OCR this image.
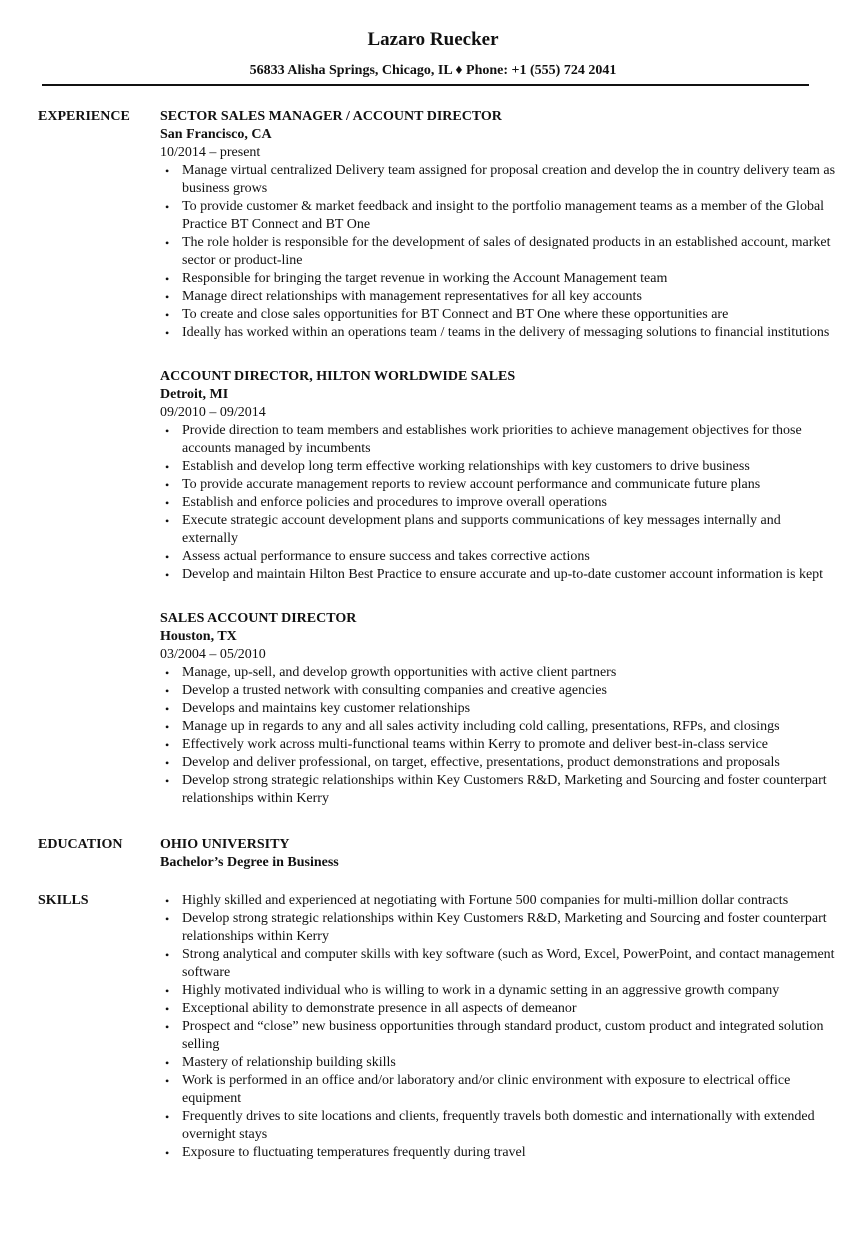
Lazaro Ruecker
56833 Alisha Springs, Chicago, IL ♦ Phone: +1 (555) 724 2041
EXPERIENCE	SECTOR SALES MANAGER / ACCOUNT DIRECTOR
San Francisco, CA
10/2014 – present
• Manage virtual centralized Delivery team assigned for proposal creation and develop the in country delivery team as business grows
• To provide customer & market feedback and insight to the portfolio management teams as a member of the Global Practice BT Connect and BT One
• The role holder is responsible for the development of sales of designated products in an established account, market sector or product-line
• Responsible for bringing the target revenue in working the Account Management team
• Manage direct relationships with management representatives for all key accounts
• To create and close sales opportunities for BT Connect and BT One where these opportunities are
• Ideally has worked within an operations team / teams in the delivery of messaging solutions to financial institutions
ACCOUNT DIRECTOR, HILTON WORLDWIDE SALES
Detroit, MI
09/2010 – 09/2014
• Provide direction to team members and establishes work priorities to achieve management objectives for those accounts managed by incumbents
• Establish and develop long term effective working relationships with key customers to drive business
• To provide accurate management reports to review account performance and communicate future plans
• Establish and enforce policies and procedures to improve overall operations
• Execute strategic account development plans and supports communications of key messages internally and externally
• Assess actual performance to ensure success and takes corrective actions
• Develop and maintain Hilton Best Practice to ensure accurate and up-to-date customer account information is kept
SALES ACCOUNT DIRECTOR
Houston, TX
03/2004 – 05/2010
• Manage, up-sell, and develop growth opportunities with active client partners
• Develop a trusted network with consulting companies and creative agencies
• Develops and maintains key customer relationships
• Manage up in regards to any and all sales activity including cold calling, presentations, RFPs, and closings
• Effectively work across multi-functional teams within Kerry to promote and deliver best-in-class service
• Develop and deliver professional, on target, effective, presentations, product demonstrations and proposals
• Develop strong strategic relationships within Key Customers R&D, Marketing and Sourcing and foster counterpart relationships within Kerry
EDUCATION	OHIO UNIVERSITY
Bachelor’s Degree in Business
SKILLS
•	Highly skilled and experienced at negotiating with Fortune 500 companies for multi-million dollar contracts
• Develop strong strategic relationships within Key Customers R&D, Marketing and Sourcing and foster counterpart relationships within Kerry
• Strong analytical and computer skills with key software (such as Word, Excel, PowerPoint, and contact management software
• Highly motivated individual who is willing to work in a dynamic setting in an aggressive growth company
• Exceptional ability to demonstrate presence in all aspects of demeanor
• Prospect and “close” new business opportunities through standard product, custom product and integrated solution selling
• Mastery of relationship building skills
• Work is performed in an office and/or laboratory and/or clinic environment with exposure to electrical office equipment
• Frequently drives to site locations and clients, frequently travels both domestic and internationally with extended overnight stays
• Exposure to fluctuating temperatures frequently during travel
